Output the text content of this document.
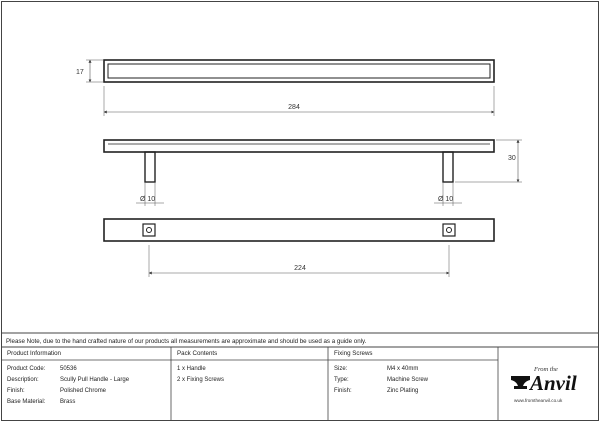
17
284
30
Ø 10	Ø 10
224
Please Note, due to the hand crafted nature of our products all measurements are approximate and should be used as a guide only.
Product Information	Pack Contents	Fixing Screws
Product Code: 50536
Description:	Scully Pull Handle - Large
Finish:	Polished Chrome
Base Material: Brass
1 x Handle
2 x Fixing Screws
Size:	M4 x 40mm
Type:	Machine Screw
Finish:	Zinc Plating
From the
Anvil
www.fromtheanvil.co.uk
